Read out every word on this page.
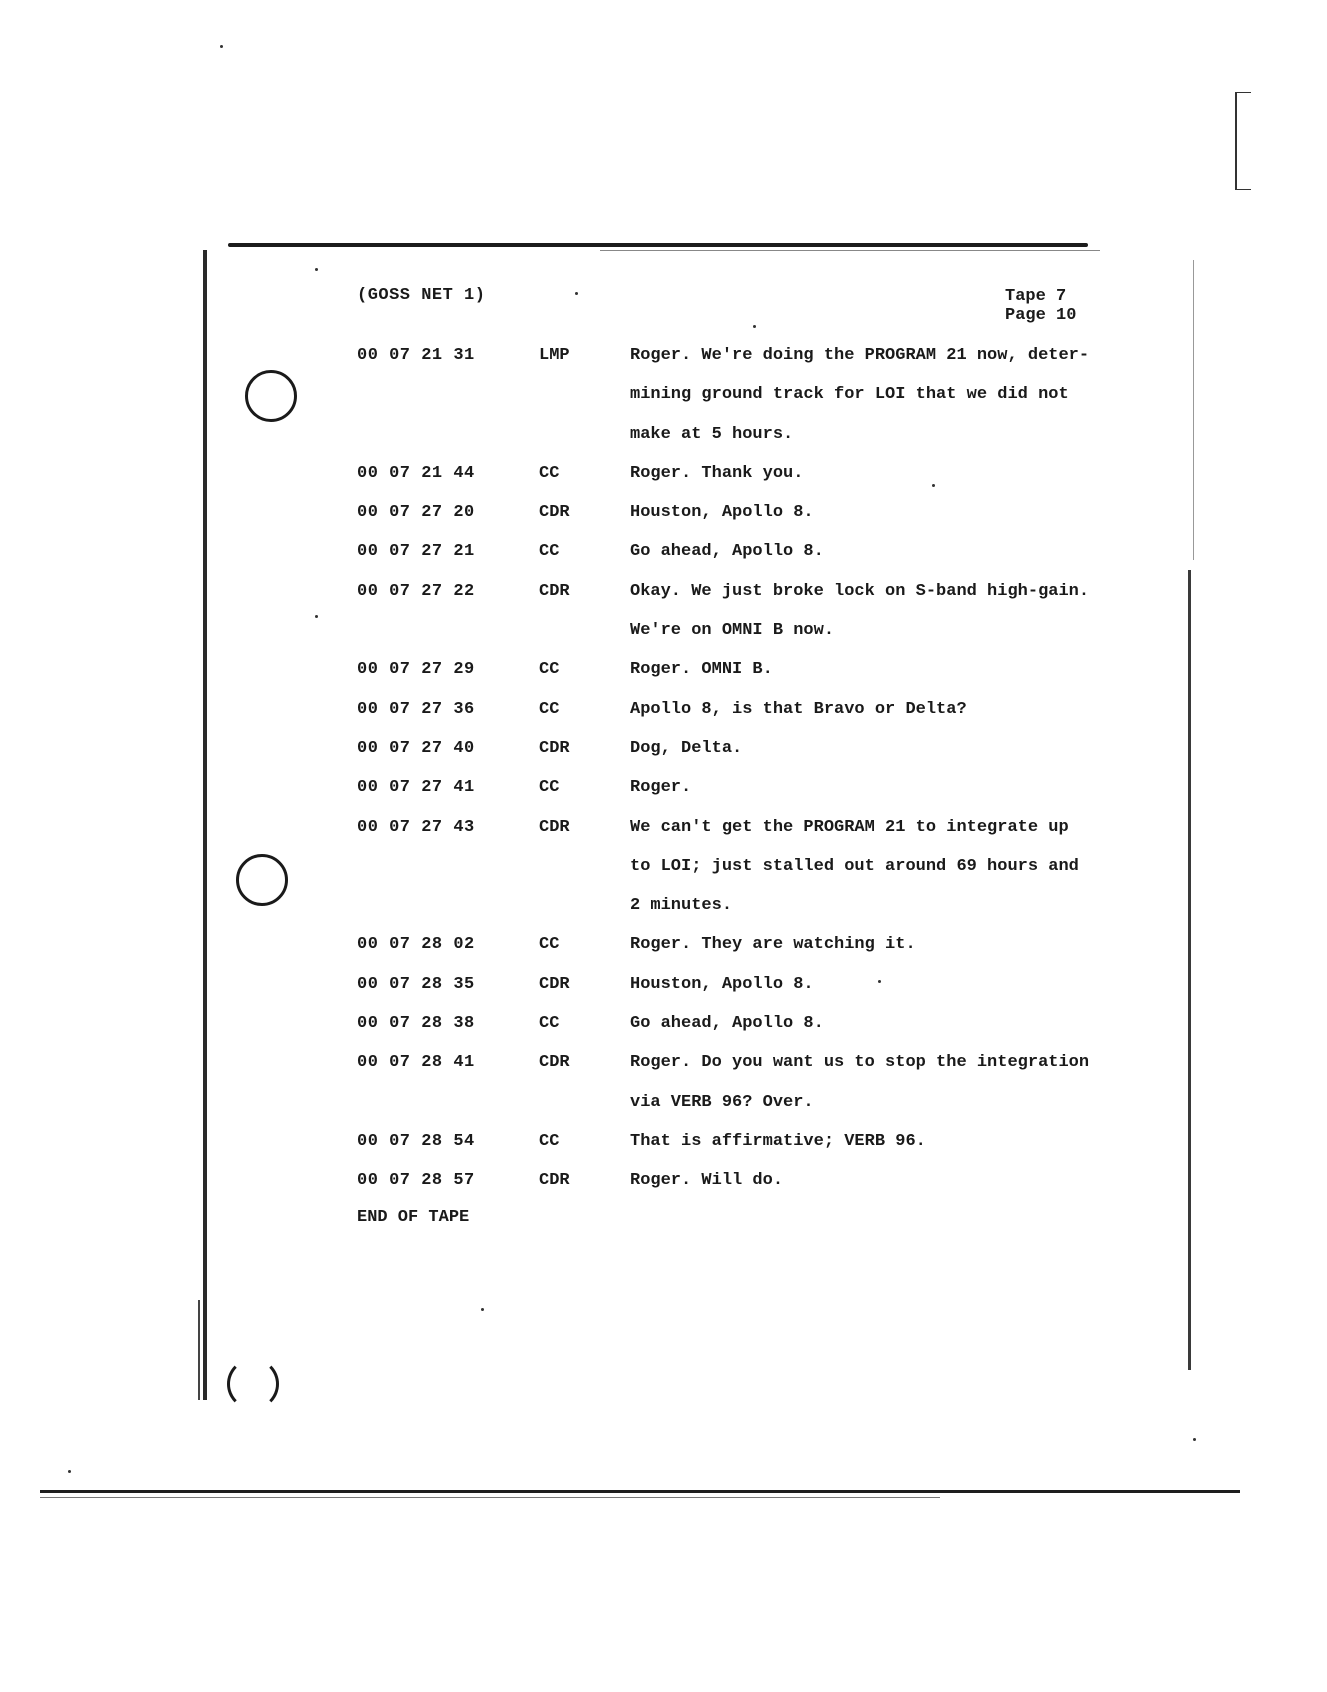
(GOSS NET 1)	Tape 7
Page 10
00 07 21 31	LMP	Roger. We're doing the PROGRAM 21 now, deter-
mining ground track for LOI that we did not
make at 5 hours.
00 07 21 44	CC	Roger. Thank you.
00 07 27 20	CDR	Houston, Apollo 8.
00 07 27 21	CC	Go ahead, Apollo 8.
00 07 27 22	CDR	Okay. We just broke lock on S-band high-gain.
We're on OMNI B now.
00 07 27 29	CC	Roger. OMNI B.
00 07 27 36	CC	Apollo 8, is that Bravo or Delta?
00 07 27 40	CDR	Dog, Delta.
00 07 27 41	CC	Roger.
00 07 27 43	CDR	We can't get the PROGRAM 21 to integrate up
to LOI; just stalled out around 69 hours and
2 minutes.
00 07 28 02	CC	Roger. They are watching it.
00 07 28 35	CDR	Houston, Apollo 8.
00 07 28 38	CC	Go ahead, Apollo 8.
00 07 28 41	CDR	Roger. Do you want us to stop the integration
via VERB 96? Over.
00 07 28 54	CC	That is affirmative; VERB 96.
00 07 28 57	CDR	Roger. Will do.
END OF TAPE
